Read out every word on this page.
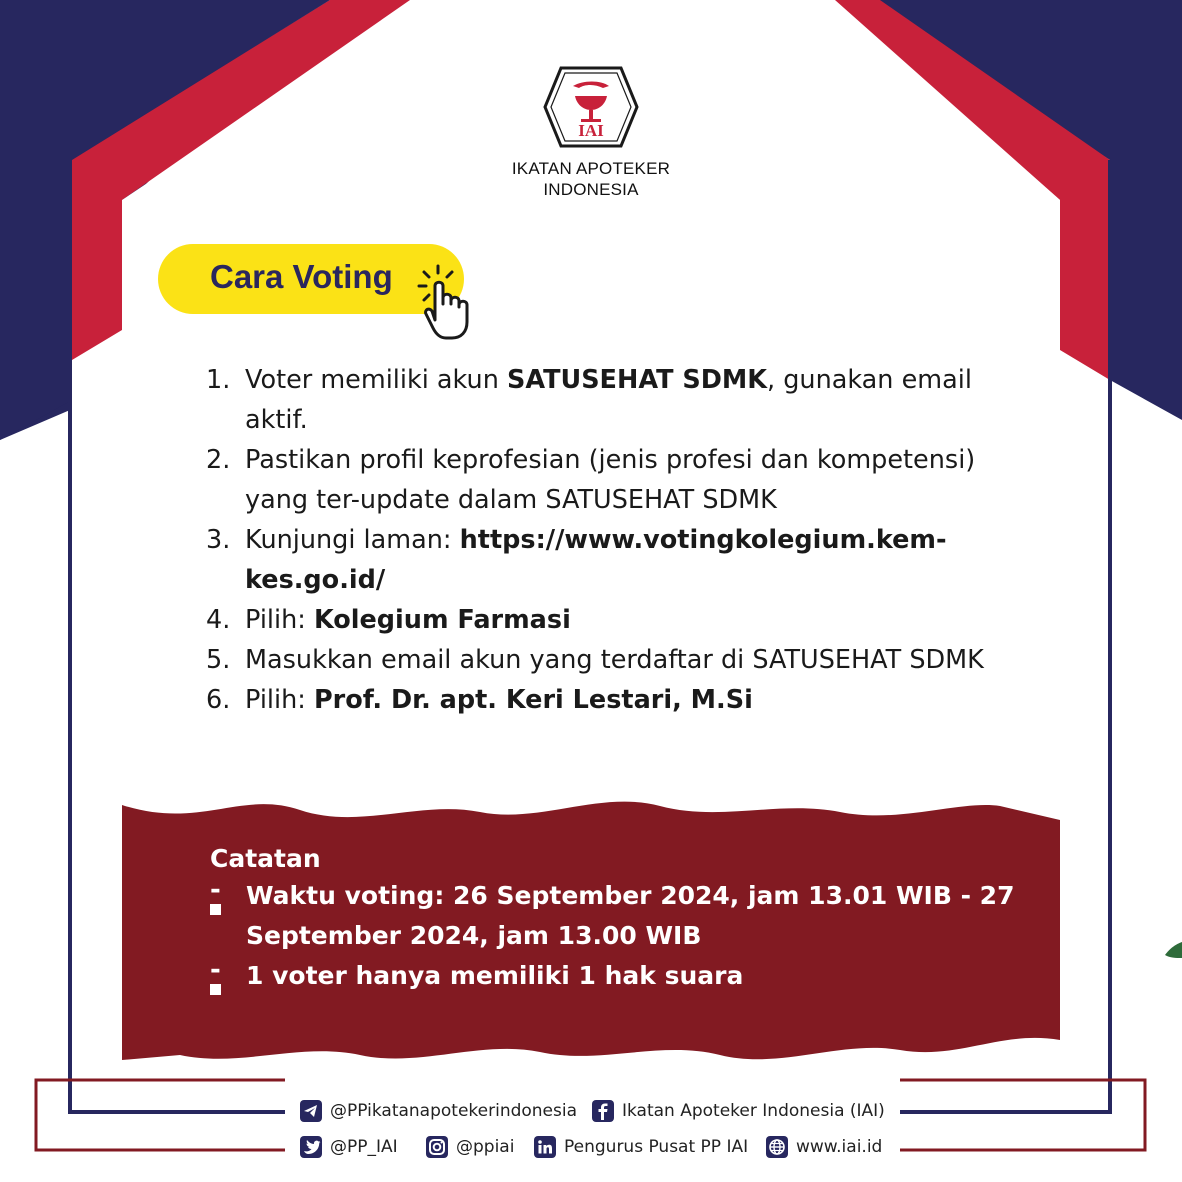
IAI
IKATAN APOTEKER
INDONESIA
Cara Voting
1. Voter memiliki akun SATUSEHAT SDMK, gunakan email aktif.
2. Pastikan profil keprofesian (jenis profesi dan kompetensi) yang ter-update dalam SATUSEHAT SDMK
3. Kunjungi laman: https://www.votingkolegium.kem-kes.go.id/
4. Pilih: Kolegium Farmasi
5. Masukkan email akun yang terdaftar di SATUSEHAT SDMK
6. Pilih: Prof. Dr. apt. Keri Lestari, M.Si
Catatan
-
Waktu voting: 26 September 2024, jam 13.01 WIB - 27 September 2024, jam 13.00 WIB
-
1 voter hanya memiliki 1 hak suara
@PPikatanapotekerindonesia	Ikatan Apoteker Indonesia (IAI)
@PP_IAI	@ppiai	Pengurus Pusat PP IAI	www.iai.id
